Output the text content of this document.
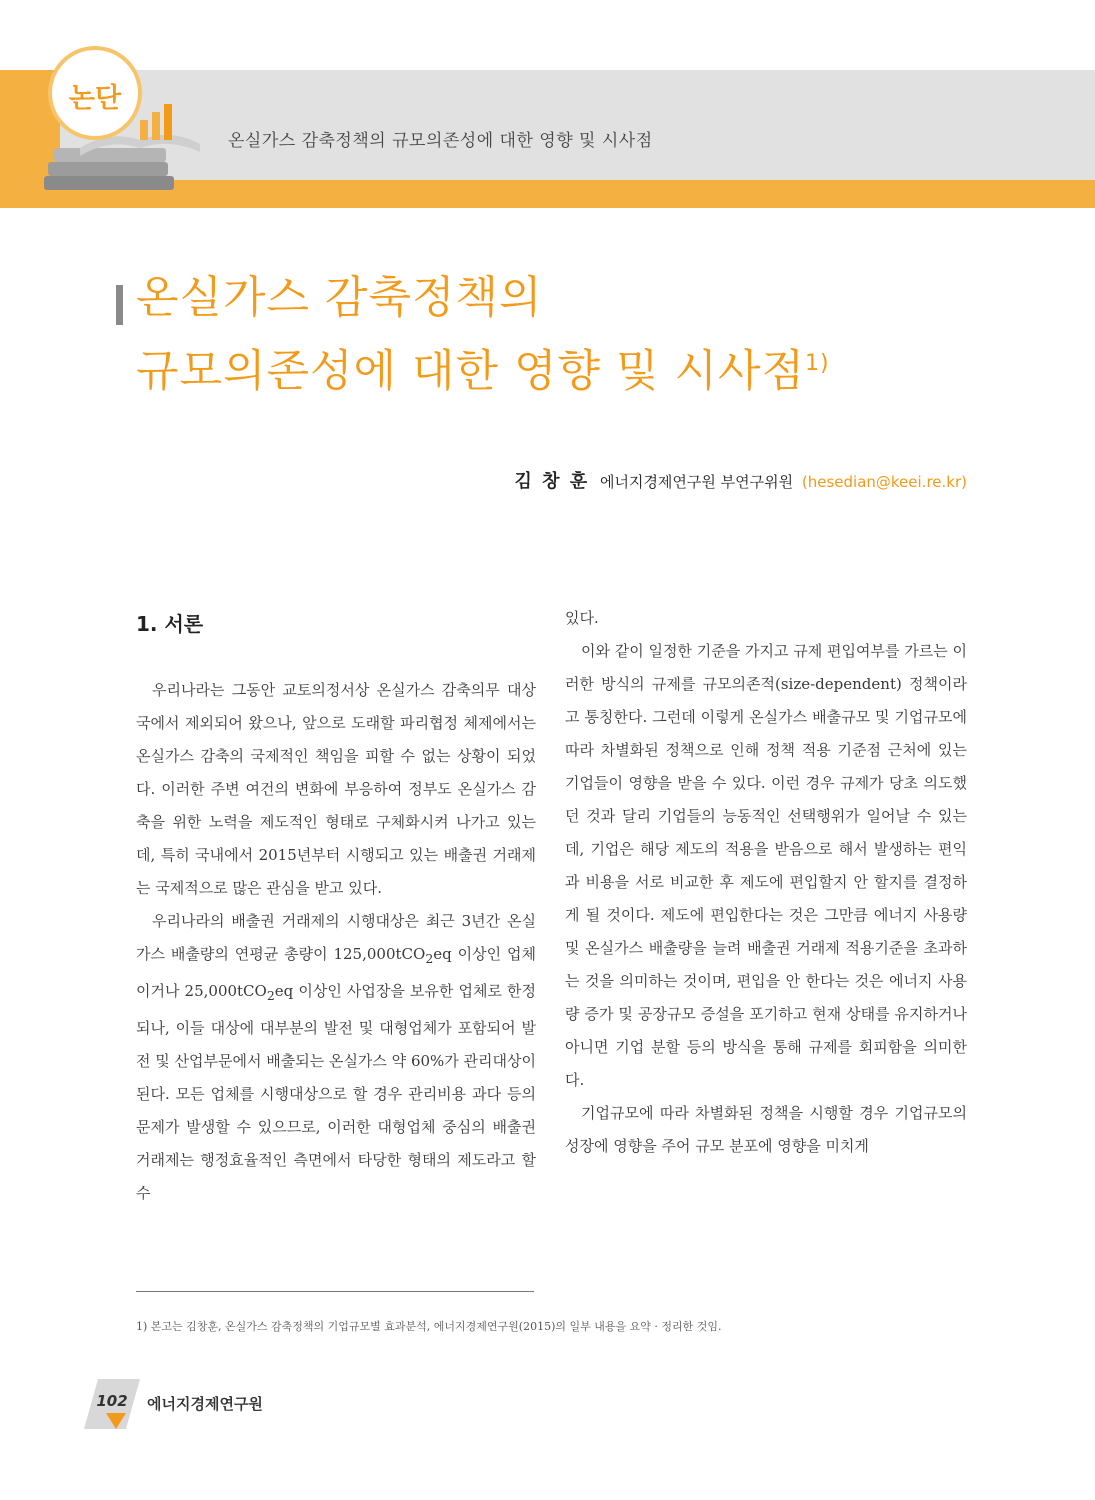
논단
온실가스 감축정책의 규모의존성에 대한 영향 및 시사점
온실가스 감축정책의
규모의존성에 대한 영향 및 시사점$^{1)}$
김 창 훈 에너지경제연구원 부연구위원 (hesedian@keei.re.kr)
1. 서론

우리나라는 그동안 교토의정서상 온실가스 감축의무 대상국에서 제외되어 왔으나, 앞으로 도래할 파리협정 체제에서는 온실가스 감축의 국제적인 책임을 피할 수 없는 상황이 되었다. 이러한 주변 여건의 변화에 부응하여 정부도 온실가스 감축을 위한 노력을 제도적인 형태로 구체화시켜 나가고 있는데, 특히 국내에서 2015년부터 시행되고 있는 배출권 거래제는 국제적으로 많은 관심을 받고 있다.

우리나라의 배출권 거래제의 시행대상은 최근 3년간 온실가스 배출량의 연평균 총량이 125,000tCO$_2$eq 이상인 업체이거나 25,000tCO$_2$eq 이상인 사업장을 보유한 업체로 한정되나, 이들 대상에 대부분의 발전 및 대형업체가 포함되어 발전 및 산업부문에서 배출되는 온실가스 약 60%가 관리대상이 된다. 모든 업체를 시행대상으로 할 경우 관리비용 과다 등의 문제가 발생할 수 있으므로, 이러한 대형업체 중심의 배출권 거래제는 행정효율적인 측면에서 타당한 형태의 제도라고 할 수

있다.

이와 같이 일정한 기준을 가지고 규제 편입여부를 가르는 이러한 방식의 규제를 규모의존적(size-dependent) 정책이라고 통칭한다. 그런데 이렇게 온실가스 배출규모 및 기업규모에 따라 차별화된 정책으로 인해 정책 적용 기준점 근처에 있는 기업들이 영향을 받을 수 있다. 이런 경우 규제가 당초 의도했던 것과 달리 기업들의 능동적인 선택행위가 일어날 수 있는데, 기업은 해당 제도의 적용을 받음으로 해서 발생하는 편익과 비용을 서로 비교한 후 제도에 편입할지 안 할지를 결정하게 될 것이다. 제도에 편입한다는 것은 그만큼 에너지 사용량 및 온실가스 배출량을 늘려 배출권 거래제 적용기준을 초과하는 것을 의미하는 것이며, 편입을 안 한다는 것은 에너지 사용량 증가 및 공장규모 증설을 포기하고 현재 상태를 유지하거나 아니면 기업 분할 등의 방식을 통해 규제를 회피함을 의미한다.

기업규모에 따라 차별화된 정책을 시행할 경우 기업규모의 성장에 영향을 주어 규모 분포에 영향을 미치게

1) 본고는 김창훈, 온실가스 감축정책의 기업규모별 효과분석, 에너지경제연구원(2015)의 일부 내용을 요약 · 정리한 것임.
102	에너지경제연구원
